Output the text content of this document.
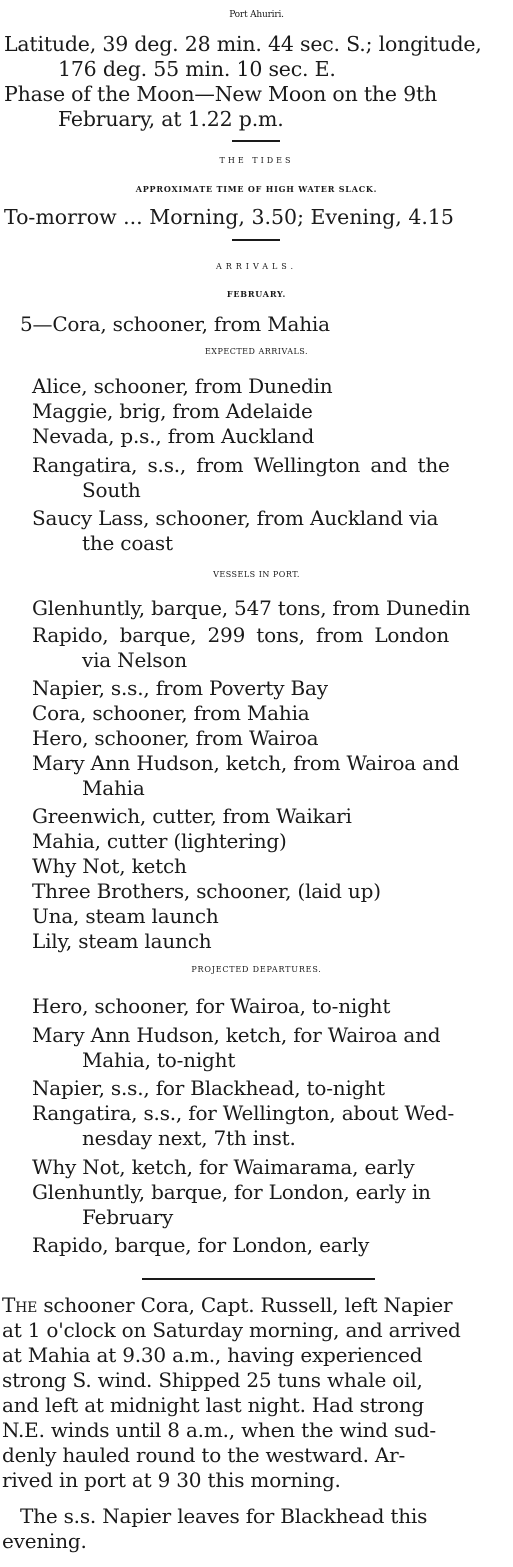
Port Ahuriri.
Latitude, 39 deg. 28 min. 44 sec. S.; longitude,
176 deg. 55 min. 10 sec. E.
Phase of the Moon—New Moon on the 9th
February, at 1.22 p.m.
THE TIDES
APPROXIMATE TIME OF HIGH WATER SLACK.
To-morrow ... Morning, 3.50; Evening, 4.15
ARRIVALS.
FEBRUARY.
5—Cora, schooner, from Mahia
EXPECTED ARRIVALS.
Alice, schooner, from Dunedin
Maggie, brig, from Adelaide
Nevada, p.s., from Auckland
Rangatira, s.s., from Wellington and the
South
Saucy Lass, schooner, from Auckland via
the coast
VESSELS IN PORT.
Glenhuntly, barque, 547 tons, from Dunedin
Rapido, barque, 299 tons, from London
via Nelson
Napier, s.s., from Poverty Bay
Cora, schooner, from Mahia
Hero, schooner, from Wairoa
Mary Ann Hudson, ketch, from Wairoa and
Mahia
Greenwich, cutter, from Waikari
Mahia, cutter (lightering)
Why Not, ketch
Three Brothers, schooner, (laid up)
Una, steam launch
Lily, steam launch
PROJECTED DEPARTURES.
Hero, schooner, for Wairoa, to-night
Mary Ann Hudson, ketch, for Wairoa and
Mahia, to-night
Napier, s.s., for Blackhead, to-night
Rangatira, s.s., for Wellington, about Wed-
nesday next, 7th inst.
Why Not, ketch, for Waimarama, early
Glenhuntly, barque, for London, early in
February
Rapido, barque, for London, early
The schooner Cora, Capt. Russell, left Napier
at 1 o'clock on Saturday morning, and arrived
at Mahia at 9.30 a.m., having experienced
strong S. wind. Shipped 25 tuns whale oil,
and left at midnight last night. Had strong
N.E. winds until 8 a.m., when the wind sud-
denly hauled round to the westward. Ar-
rived in port at 9 30 this morning.
The s.s. Napier leaves for Blackhead this
evening.
